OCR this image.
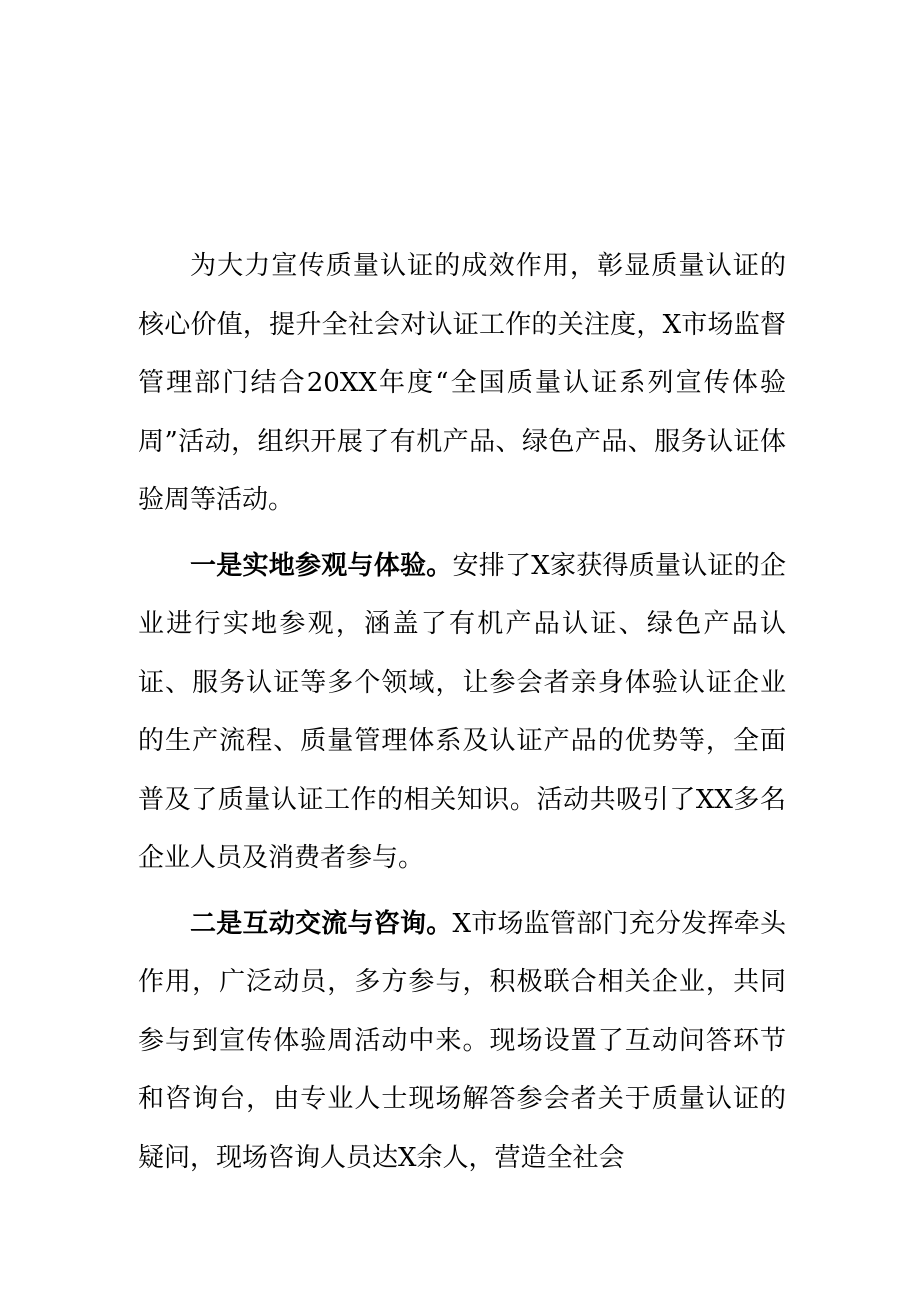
为大力宣传质量认证的成效作用，彰显质量认证的核心价值，提升全社会对认证工作的关注度，X市场监督管理部门结合20XX年度“全国质量认证系列宣传体验周”活动，组织开展了有机产品、绿色产品、服务认证体验周等活动。

一是实地参观与体验。安排了X家获得质量认证的企业进行实地参观，涵盖了有机产品认证、绿色产品认证、服务认证等多个领域，让参会者亲身体验认证企业的生产流程、质量管理体系及认证产品的优势等，全面普及了质量认证工作的相关知识。活动共吸引了XX多名企业人员及消费者参与。

二是互动交流与咨询。X市场监管部门充分发挥牵头作用，广泛动员，多方参与，积极联合相关企业，共同参与到宣传体验周活动中来。现场设置了互动问答环节和咨询台，由专业人士现场解答参会者关于质量认证的疑问，现场咨询人员达X余人，营造全社会
